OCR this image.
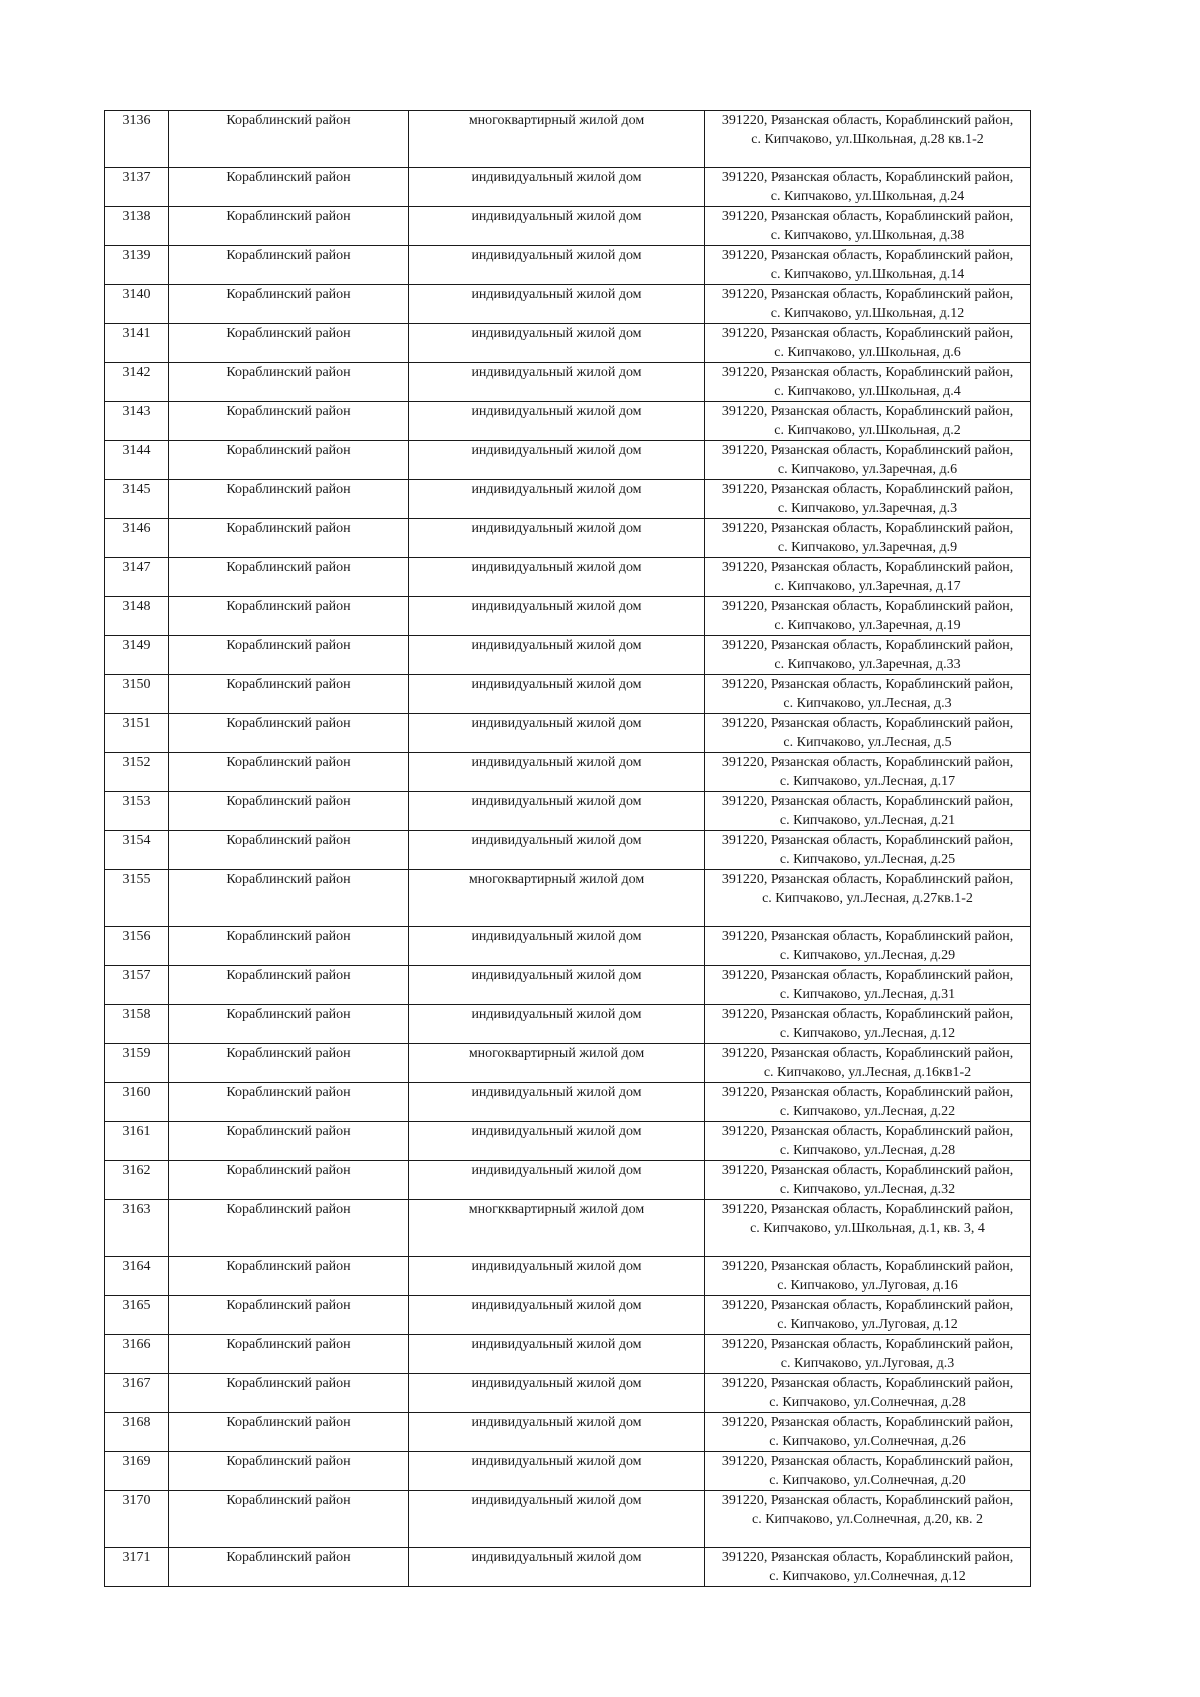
3136	Кораблинский район	многоквартирный жилой дом	391220, Рязанская область, Кораблинский район,
с. Кипчаково, ул.Школьная, д.28 кв.1-2

3137	Кораблинский район	индивидуальный жилой дом	391220, Рязанская область, Кораблинский район,
с. Кипчаково, ул.Школьная, д.24

3138	Кораблинский район	индивидуальный жилой дом	391220, Рязанская область, Кораблинский район,
с. Кипчаково, ул.Школьная, д.38

3139	Кораблинский район	индивидуальный жилой дом	391220, Рязанская область, Кораблинский район,
с. Кипчаково, ул.Школьная, д.14

3140	Кораблинский район	индивидуальный жилой дом	391220, Рязанская область, Кораблинский район,
с. Кипчаково, ул.Школьная, д.12

3141	Кораблинский район	индивидуальный жилой дом	391220, Рязанская область, Кораблинский район,
с. Кипчаково, ул.Школьная, д.6

3142	Кораблинский район	индивидуальный жилой дом	391220, Рязанская область, Кораблинский район,
с. Кипчаково, ул.Школьная, д.4

3143	Кораблинский район	индивидуальный жилой дом	391220, Рязанская область, Кораблинский район,
с. Кипчаково, ул.Школьная, д.2

3144	Кораблинский район	индивидуальный жилой дом	391220, Рязанская область, Кораблинский район,
с. Кипчаково, ул.Заречная, д.6

3145	Кораблинский район	индивидуальный жилой дом	391220, Рязанская область, Кораблинский район,
с. Кипчаково, ул.Заречная, д.3

3146	Кораблинский район	индивидуальный жилой дом	391220, Рязанская область, Кораблинский район,
с. Кипчаково, ул.Заречная, д.9

3147	Кораблинский район	индивидуальный жилой дом	391220, Рязанская область, Кораблинский район,
с. Кипчаково, ул.Заречная, д.17

3148	Кораблинский район	индивидуальный жилой дом	391220, Рязанская область, Кораблинский район,
с. Кипчаково, ул.Заречная, д.19

3149	Кораблинский район	индивидуальный жилой дом	391220, Рязанская область, Кораблинский район,
с. Кипчаково, ул.Заречная, д.33

3150	Кораблинский район	индивидуальный жилой дом	391220, Рязанская область, Кораблинский район,
с. Кипчаково, ул.Лесная, д.3

3151	Кораблинский район	индивидуальный жилой дом	391220, Рязанская область, Кораблинский район,
с. Кипчаково, ул.Лесная, д.5

3152	Кораблинский район	индивидуальный жилой дом	391220, Рязанская область, Кораблинский район,
с. Кипчаково, ул.Лесная, д.17

3153	Кораблинский район	индивидуальный жилой дом	391220, Рязанская область, Кораблинский район,
с. Кипчаково, ул.Лесная, д.21

3154	Кораблинский район	индивидуальный жилой дом	391220, Рязанская область, Кораблинский район,
с. Кипчаково, ул.Лесная, д.25

3155	Кораблинский район	многоквартирный жилой дом	391220, Рязанская область, Кораблинский район,
с. Кипчаково, ул.Лесная, д.27кв.1-2

3156	Кораблинский район	индивидуальный жилой дом	391220, Рязанская область, Кораблинский район,
с. Кипчаково, ул.Лесная, д.29

3157	Кораблинский район	индивидуальный жилой дом	391220, Рязанская область, Кораблинский район,
с. Кипчаково, ул.Лесная, д.31

3158	Кораблинский район	индивидуальный жилой дом	391220, Рязанская область, Кораблинский район,
с. Кипчаково, ул.Лесная, д.12

3159	Кораблинский район	многоквартирный жилой дом	391220, Рязанская область, Кораблинский район,
с. Кипчаково, ул.Лесная, д.16кв1-2

3160	Кораблинский район	индивидуальный жилой дом	391220, Рязанская область, Кораблинский район,
с. Кипчаково, ул.Лесная, д.22

3161	Кораблинский район	индивидуальный жилой дом	391220, Рязанская область, Кораблинский район,
с. Кипчаково, ул.Лесная, д.28

3162	Кораблинский район	индивидуальный жилой дом	391220, Рязанская область, Кораблинский район,
с. Кипчаково, ул.Лесная, д.32

3163	Кораблинский район	многкквартирный жилой дом	391220, Рязанская область, Кораблинский район,
с. Кипчаково, ул.Школьная, д.1, кв. 3, 4

3164	Кораблинский район	индивидуальный жилой дом	391220, Рязанская область, Кораблинский район,
с. Кипчаково, ул.Луговая, д.16

3165	Кораблинский район	индивидуальный жилой дом	391220, Рязанская область, Кораблинский район,
с. Кипчаково, ул.Луговая, д.12

3166	Кораблинский район	индивидуальный жилой дом	391220, Рязанская область, Кораблинский район,
с. Кипчаково, ул.Луговая, д.3

3167	Кораблинский район	индивидуальный жилой дом	391220, Рязанская область, Кораблинский район,
с. Кипчаково, ул.Солнечная, д.28

3168	Кораблинский район	индивидуальный жилой дом	391220, Рязанская область, Кораблинский район,
с. Кипчаково, ул.Солнечная, д.26

3169	Кораблинский район	индивидуальный жилой дом	391220, Рязанская область, Кораблинский район,
с. Кипчаково, ул.Солнечная, д.20

3170	Кораблинский район	индивидуальный жилой дом	391220, Рязанская область, Кораблинский район,
с. Кипчаково, ул.Солнечная, д.20, кв. 2

3171	Кораблинский район	индивидуальный жилой дом	391220, Рязанская область, Кораблинский район,
с. Кипчаково, ул.Солнечная, д.12
